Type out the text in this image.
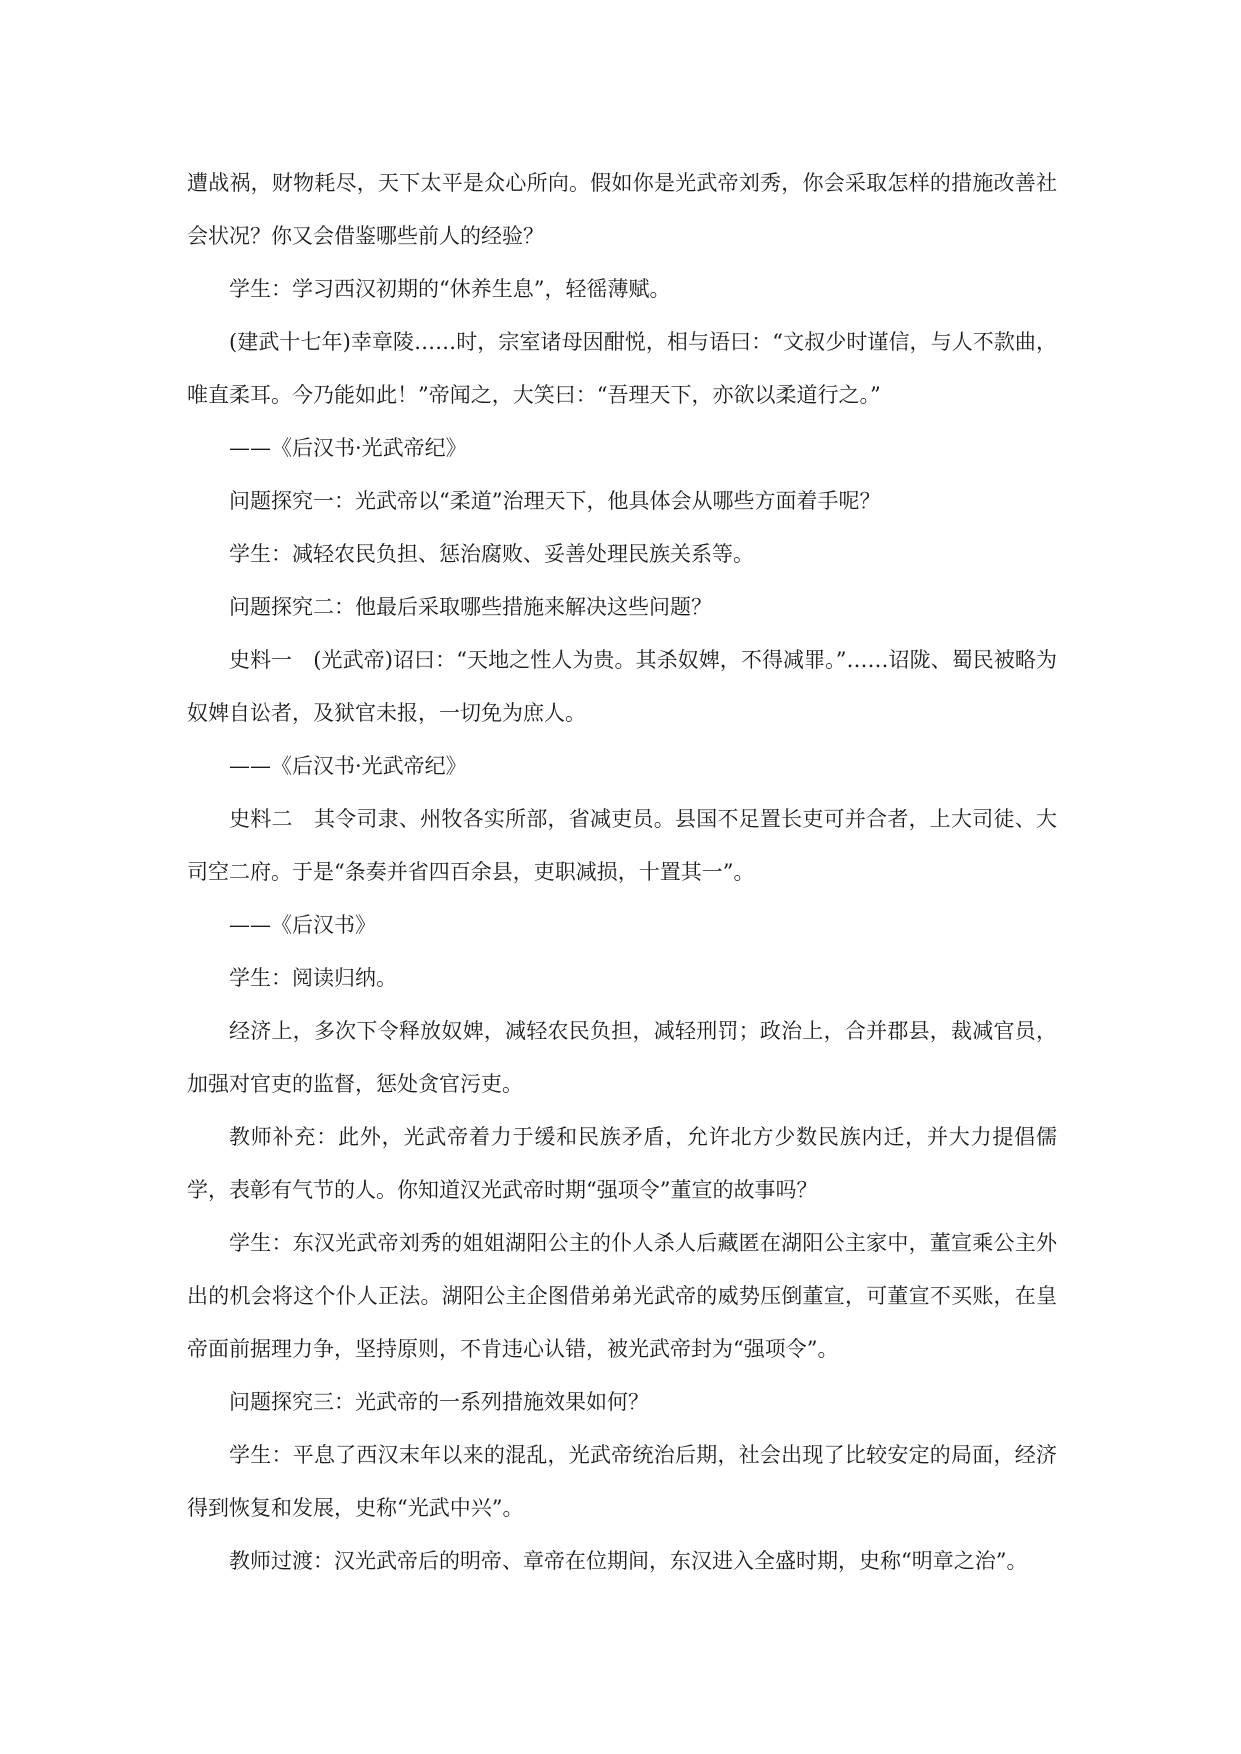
遭战祸，财物耗尽，天下太平是众心所向。假如你是光武帝刘秀，你会采取怎样的措施改善社会状况？你又会借鉴哪些前人的经验？

学生：学习西汉初期的“休养生息”，轻徭薄赋。

(建武十七年)幸章陵……时，宗室诸母因酣悦，相与语曰：“文叔少时谨信，与人不款曲，唯直柔耳。今乃能如此！”帝闻之，大笑曰：“吾理天下，亦欲以柔道行之。”

——《后汉书·光武帝纪》

问题探究一：光武帝以“柔道”治理天下，他具体会从哪些方面着手呢？

学生：减轻农民负担、惩治腐败、妥善处理民族关系等。

问题探究二：他最后采取哪些措施来解决这些问题？

史料一　(光武帝)诏曰：“天地之性人为贵。其杀奴婢，不得减罪。”……诏陇、蜀民被略为奴婢自讼者，及狱官未报，一切免为庶人。

——《后汉书·光武帝纪》

史料二　其令司隶、州牧各实所部，省减吏员。县国不足置长吏可并合者，上大司徒、大司空二府。于是“条奏并省四百余县，吏职减损，十置其一”。

——《后汉书》

学生：阅读归纳。

经济上，多次下令释放奴婢，减轻农民负担，减轻刑罚；政治上，合并郡县，裁减官员，加强对官吏的监督，惩处贪官污吏。

教师补充：此外，光武帝着力于缓和民族矛盾，允许北方少数民族内迁，并大力提倡儒学，表彰有气节的人。你知道汉光武帝时期“强项令”董宣的故事吗？

学生：东汉光武帝刘秀的姐姐湖阳公主的仆人杀人后藏匿在湖阳公主家中，董宣乘公主外出的机会将这个仆人正法。湖阳公主企图借弟弟光武帝的威势压倒董宣，可董宣不买账，在皇帝面前据理力争，坚持原则，不肯违心认错，被光武帝封为“强项令”。

问题探究三：光武帝的一系列措施效果如何？

学生：平息了西汉末年以来的混乱，光武帝统治后期，社会出现了比较安定的局面，经济得到恢复和发展，史称“光武中兴”。

教师过渡：汉光武帝后的明帝、章帝在位期间，东汉进入全盛时期，史称“明章之治”。
